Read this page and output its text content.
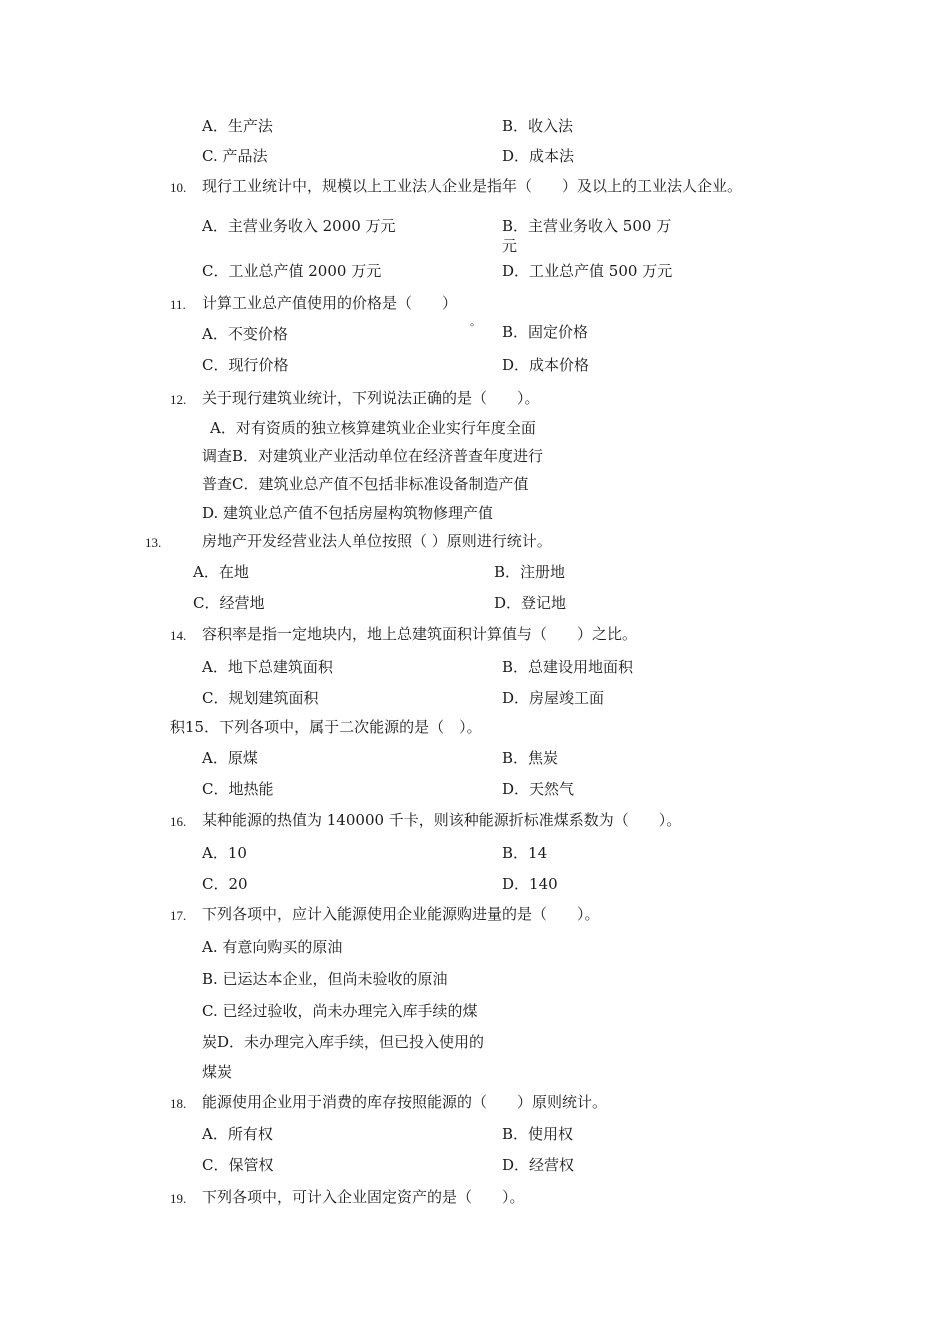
A．生产法	B．收入法
C. 产品法	D．成本法
10. 现行工业统计中，规模以上工业法人企业是指年（　　）及以上的工业法人企业。
A．主营业务收入 2000 万元	B．主营业务收入 500 万
元
C．工业总产值 2000 万元	D．工业总产值 500 万元
11. 计算工业总产值使用的价格是（　　）
。
A．不变价格	B．固定价格
C．现行价格	D．成本价格
12. 关于现行建筑业统计，下列说法正确的是（　　）。
A．对有资质的独立核算建筑业企业实行年度全面
调查B．对建筑业产业活动单位在经济普查年度进行
普查C．建筑业总产值不包括非标准设备制造产值
D. 建筑业总产值不包括房屋构筑物修理产值
13.	房地产开发经营业法人单位按照（ ）原则进行统计。
A．在地	B．注册地
C．经营地	D．登记地
14. 容积率是指一定地块内，地上总建筑面积计算值与（　　）之比。
A．地下总建筑面积	B．总建设用地面积
C．规划建筑面积	D．房屋竣工面
积15．下列各项中，属于二次能源的是（　）。
A．原煤	B．焦炭
C．地热能	D．天然气
16. 某种能源的热值为 140000 千卡，则该种能源折标准煤系数为（　　）。
A．10	B．14
C．20	D．140
17. 下列各项中，应计入能源使用企业能源购进量的是（　　）。
A. 有意向购买的原油
B. 已运达本企业，但尚未验收的原油
C. 已经过验收，尚未办理完入库手续的煤
炭D．未办理完入库手续，但已投入使用的
煤炭
18. 能源使用企业用于消费的库存按照能源的（　　）原则统计。
A．所有权	B．使用权
C．保管权	D．经营权
19. 下列各项中，可计入企业固定资产的是（　　）。
